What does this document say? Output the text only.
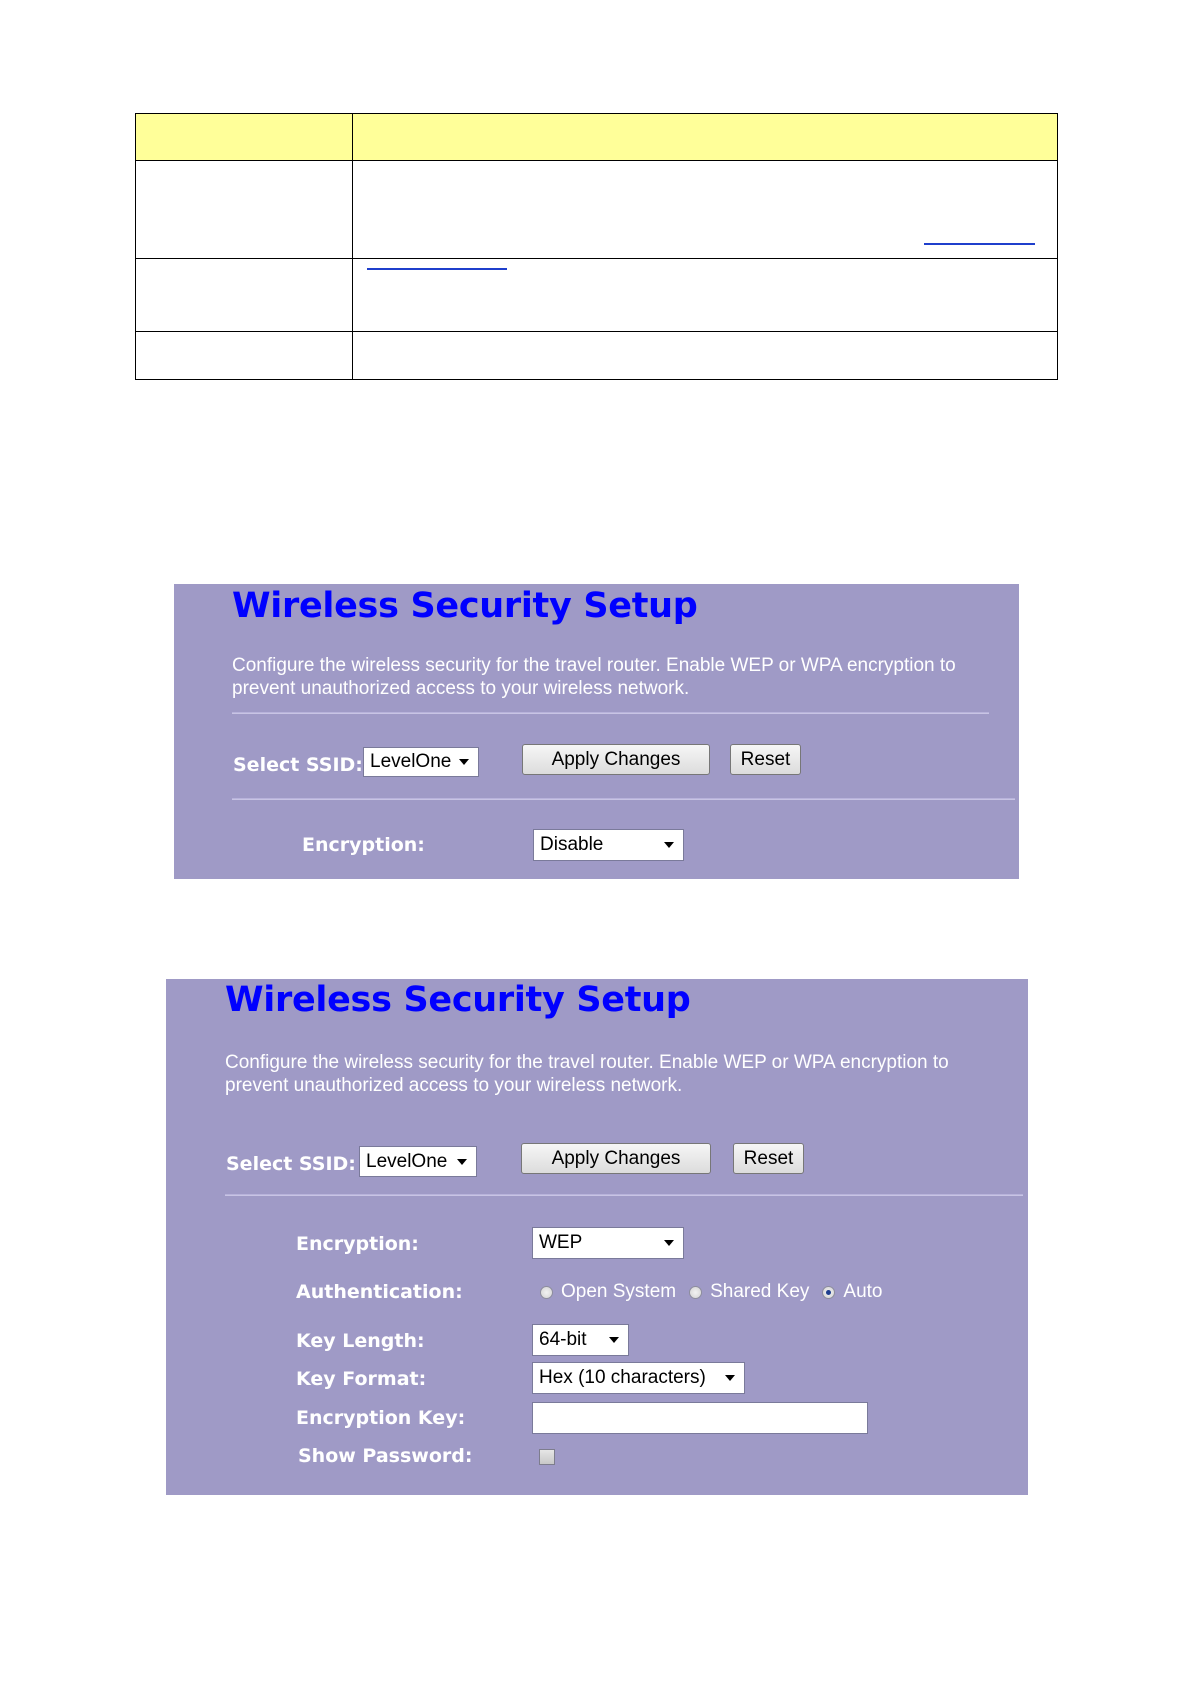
Wireless Security Setup
Configure the wireless security for the travel router. Enable WEP or WPA encryption to prevent unauthorized access to your wireless network.
Select SSID: LevelOne	Apply Changes	Reset
Encryption:	Disable
Wireless Security Setup
Configure the wireless security for the travel router. Enable WEP or WPA encryption to prevent unauthorized access to your wireless network.
Select SSID: LevelOne	Apply Changes	Reset
Encryption:	WEP
Authentication:	Open System Shared Key Auto
Key Length:	64-bit
Key Format:	Hex (10 characters)
Encryption Key:
Show Password:
